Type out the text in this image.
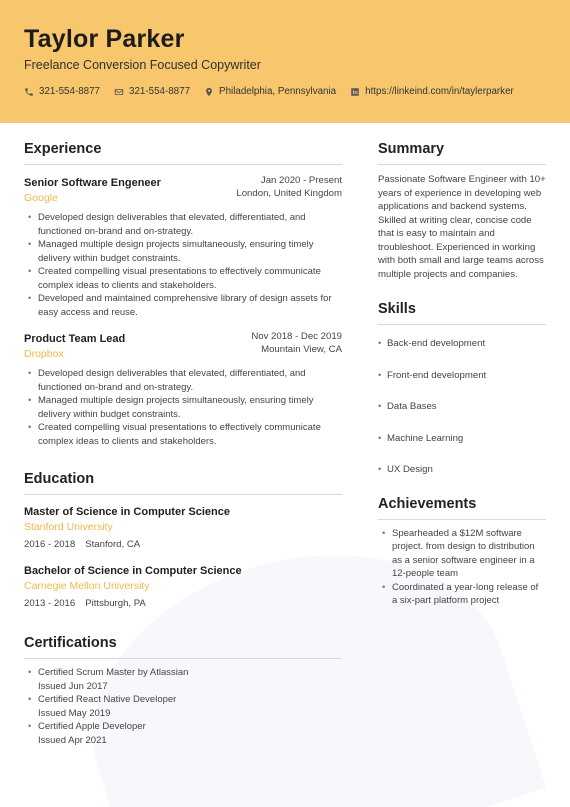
Taylor Parker
Freelance Conversion Focused Copywriter
321-554-8877	321-554-8877	Philadelphia, Pennsylvania	https://linkeind.com/in/taylerparker
Experience
Senior Software Engeneer
Google
Jan 2020 - Present
London, United Kingdom
• Developed design deliverables that elevated, differentiated, and functioned on-brand and on-strategy.
• Managed multiple design projects simultaneously, ensuring timely delivery within budget constraints.
• Created compelling visual presentations to effectively communicate complex ideas to clients and stakeholders.
• Developed and maintained comprehensive library of design assets for easy access and reuse.
Product Team Lead
Dropbox
Nov 2018 - Dec 2019
Mountain View, CA
• Developed design deliverables that elevated, differentiated, and functioned on-brand and on-strategy.
• Managed multiple design projects simultaneously, ensuring timely delivery within budget constraints.
• Created compelling visual presentations to effectively communicate complex ideas to clients and stakeholders.
Education
Master of Science in Computer Science
Stanford University
2016 - 2018 Stanford, CA
Bachelor of Science in Computer Science
Carnegie Mellon University
2013 - 2016 Pittsburgh, PA
Certifications
• Certified Scrum Master by Atlassian
Issued Jun 2017
• Certified React Native Developer
Issued May 2019
• Certified Apple Developer
Issued Apr 2021
Summary
Passionate Software Engineer with 10+ years of experience in developing web applications and backend systems. Skilled at writing clear, concise code that is easy to maintain and troubleshoot. Experienced in working with both small and large teams across multiple projects and companies.
Skills
• Back-end development
• Front-end development
• Data Bases
• Machine Learning
• UX Design
Achievements
• Spearheaded a $12M software project. from design to distribution as a senior software engineer in a 12-people team
• Coordinated a year-long release of a six-part platform project
